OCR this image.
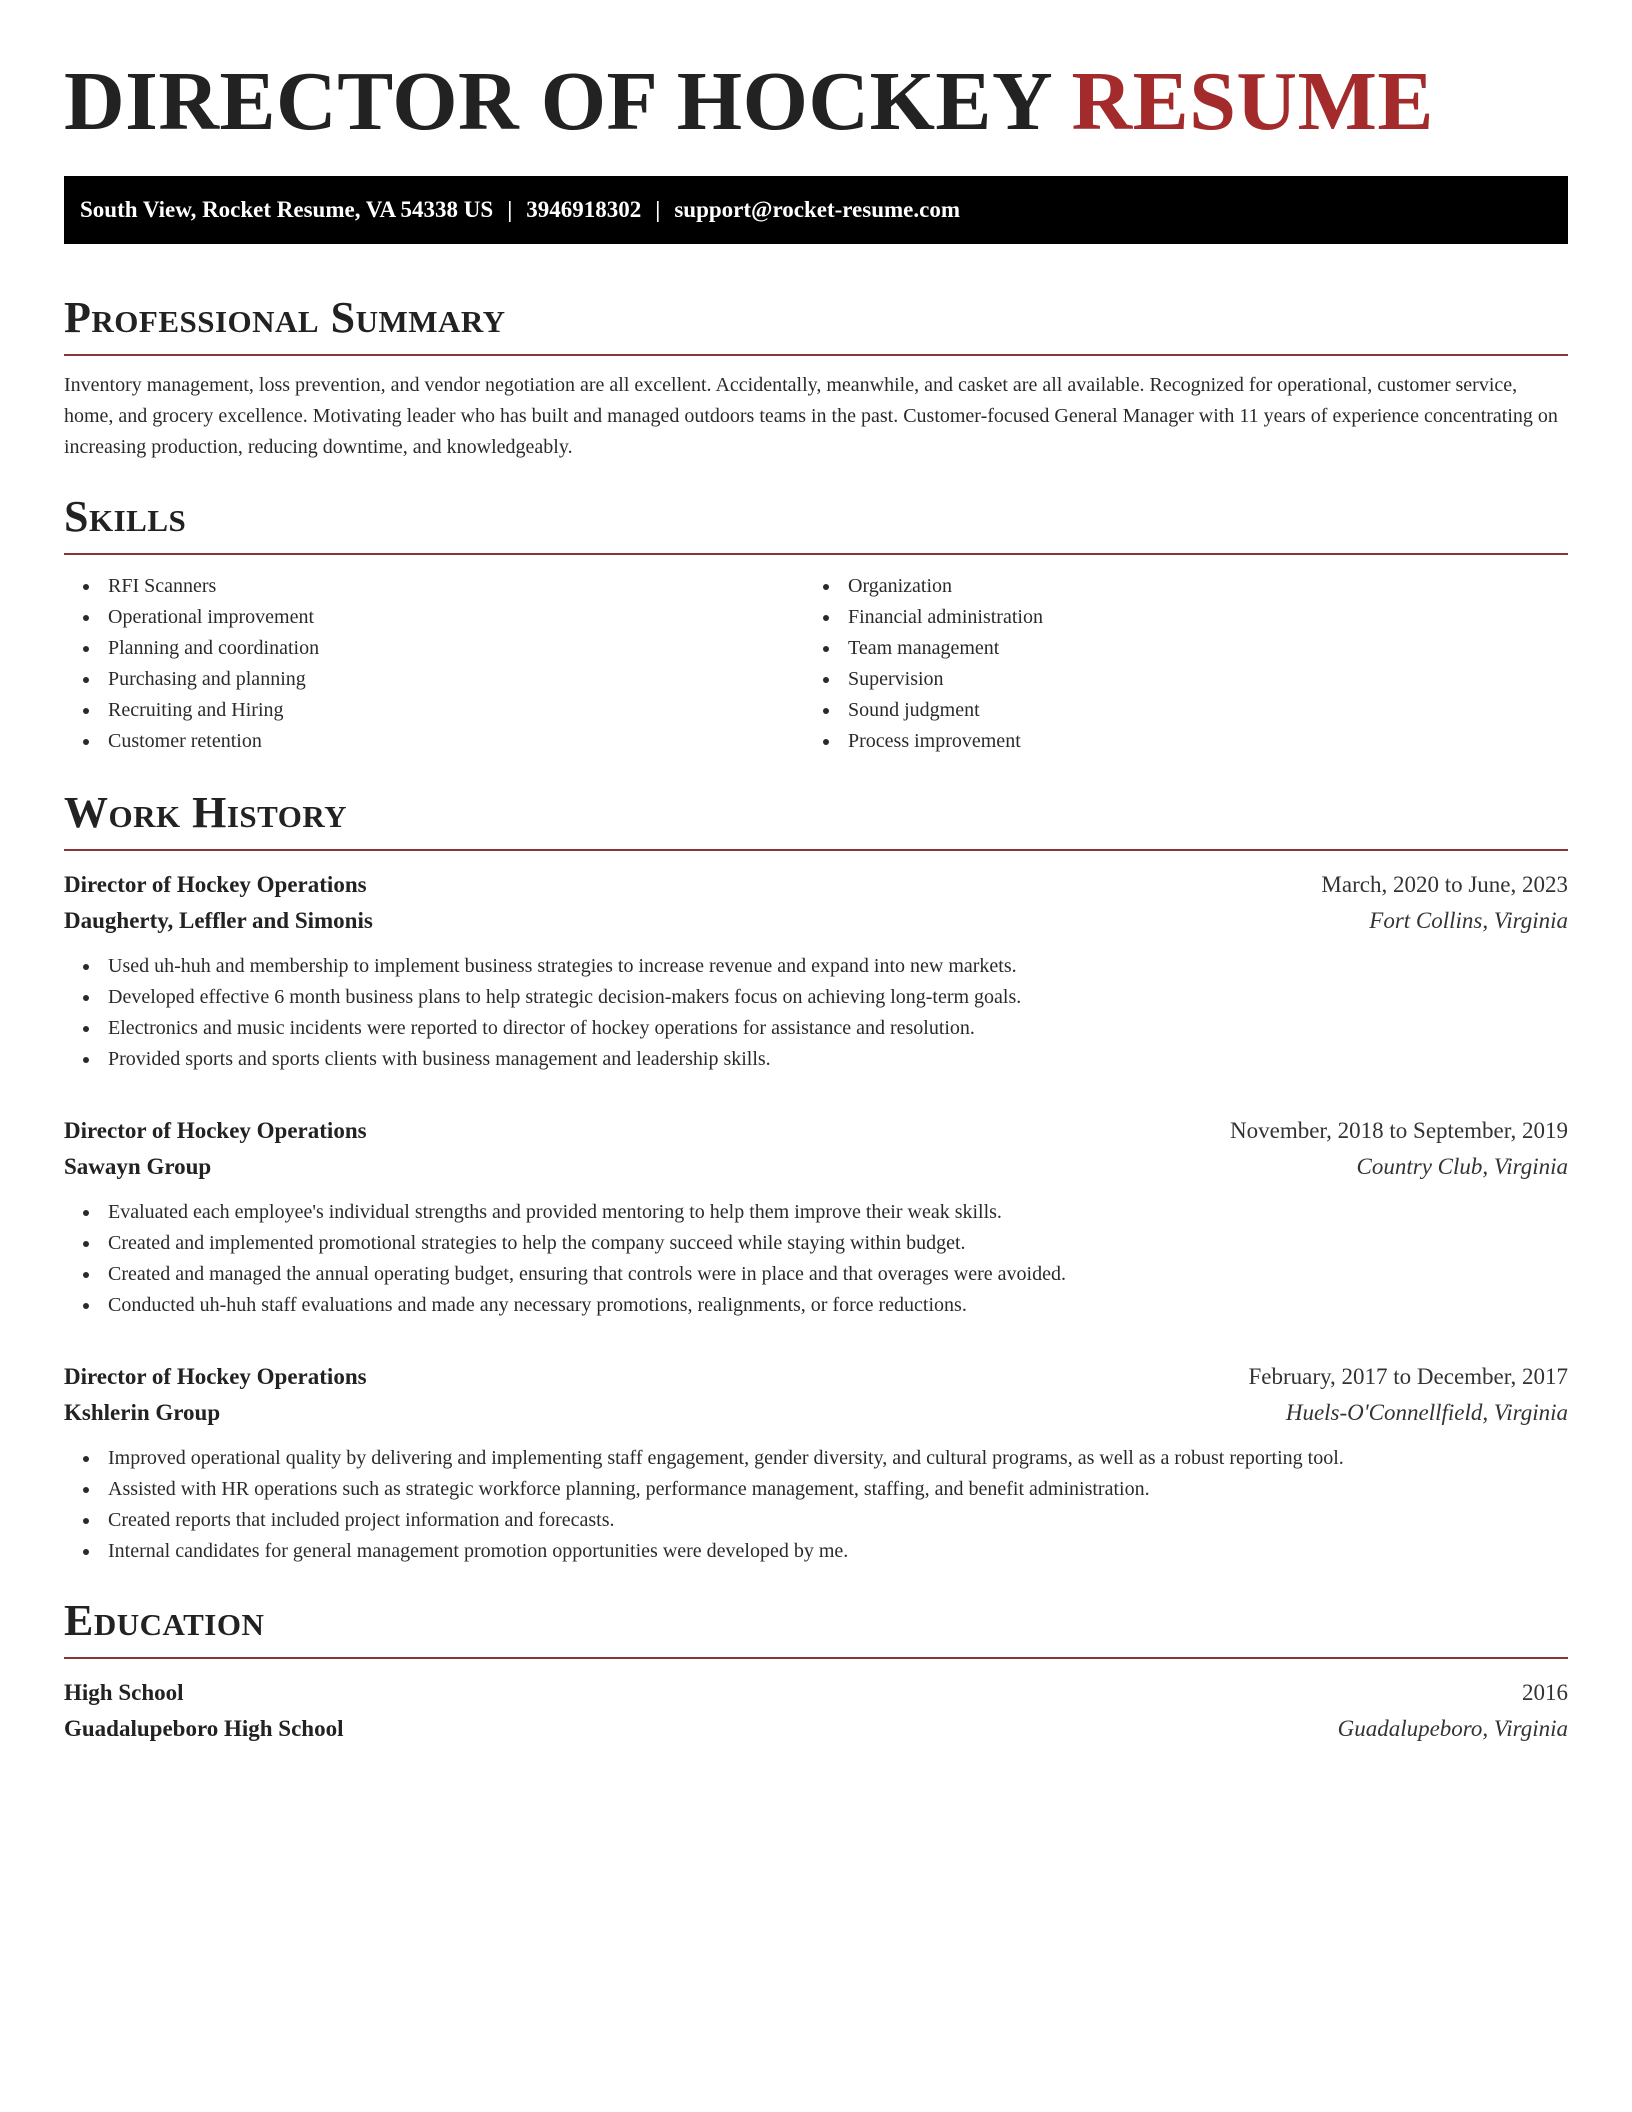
DIRECTOR OF HOCKEY RESUME
South View, Rocket Resume, VA 54338 US | 3946918302 | support@rocket-resume.com
Professional Summary

Inventory management, loss prevention, and vendor negotiation are all excellent. Accidentally, meanwhile, and casket are all available. Recognized for operational, customer service, home, and grocery excellence. Motivating leader who has built and managed outdoors teams in the past. Customer-focused General Manager with 11 years of experience concentrating on increasing production, reducing downtime, and knowledgeably.

Skills
RFI Scanners
Operational improvement
Planning and coordination
Purchasing and planning
Recruiting and Hiring
Customer retention
Organization
Financial administration
Team management
Supervision
Sound judgment
Process improvement
Work History
Director of Hockey Operations	March, 2020 to June, 2023
Daugherty, Leffler and Simonis	Fort Collins, Virginia
Used uh-huh and membership to implement business strategies to increase revenue and expand into new markets.
Developed effective 6 month business plans to help strategic decision-makers focus on achieving long-term goals.
Electronics and music incidents were reported to director of hockey operations for assistance and resolution.
Provided sports and sports clients with business management and leadership skills.
Director of Hockey Operations	November, 2018 to September, 2019
Sawayn Group	Country Club, Virginia
Evaluated each employee's individual strengths and provided mentoring to help them improve their weak skills.
Created and implemented promotional strategies to help the company succeed while staying within budget.
Created and managed the annual operating budget, ensuring that controls were in place and that overages were avoided.
Conducted uh-huh staff evaluations and made any necessary promotions, realignments, or force reductions.
Director of Hockey Operations	February, 2017 to December, 2017
Kshlerin Group	Huels-O'Connellfield, Virginia
Improved operational quality by delivering and implementing staff engagement, gender diversity, and cultural programs, as well as a robust reporting tool.
Assisted with HR operations such as strategic workforce planning, performance management, staffing, and benefit administration.
Created reports that included project information and forecasts.
Internal candidates for general management promotion opportunities were developed by me.
Education
High School	2016
Guadalupeboro High School	Guadalupeboro, Virginia
